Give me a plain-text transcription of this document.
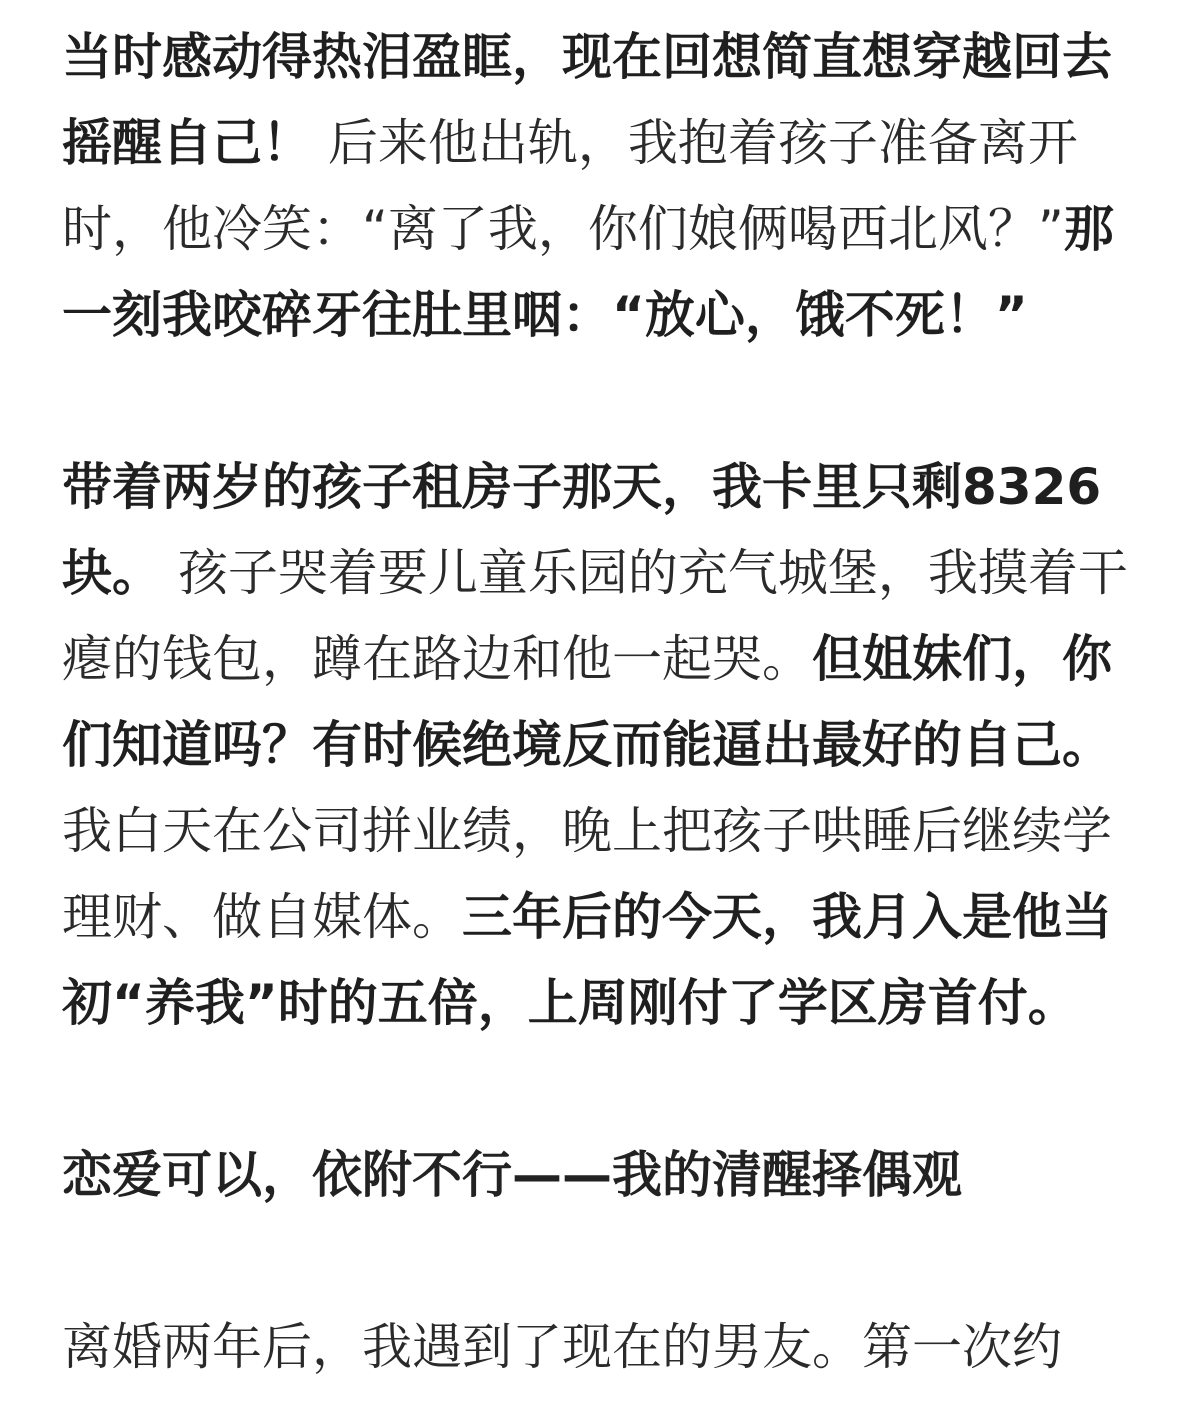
当时感动得热泪盈眶，现在回想简直想穿越回去摇醒自己！ 后来他出轨，我抱着孩子准备离开时，他冷笑：“离了我，你们娘俩喝西北风？”那一刻我咬碎牙往肚里咽：“放心，饿不死！”

带着两岁的孩子租房子那天，我卡里只剩8326块。 孩子哭着要儿童乐园的充气城堡，我摸着干瘪的钱包，蹲在路边和他一起哭。但姐妹们，你们知道吗？有时候绝境反而能逼出最好的自己。 我白天在公司拼业绩，晚上把孩子哄睡后继续学理财、做自媒体。三年后的今天，我月入是他当初“养我”时的五倍，上周刚付了学区房首付。

恋爱可以，依附不行——我的清醒择偶观

离婚两年后，我遇到了现在的男友。第一次约
